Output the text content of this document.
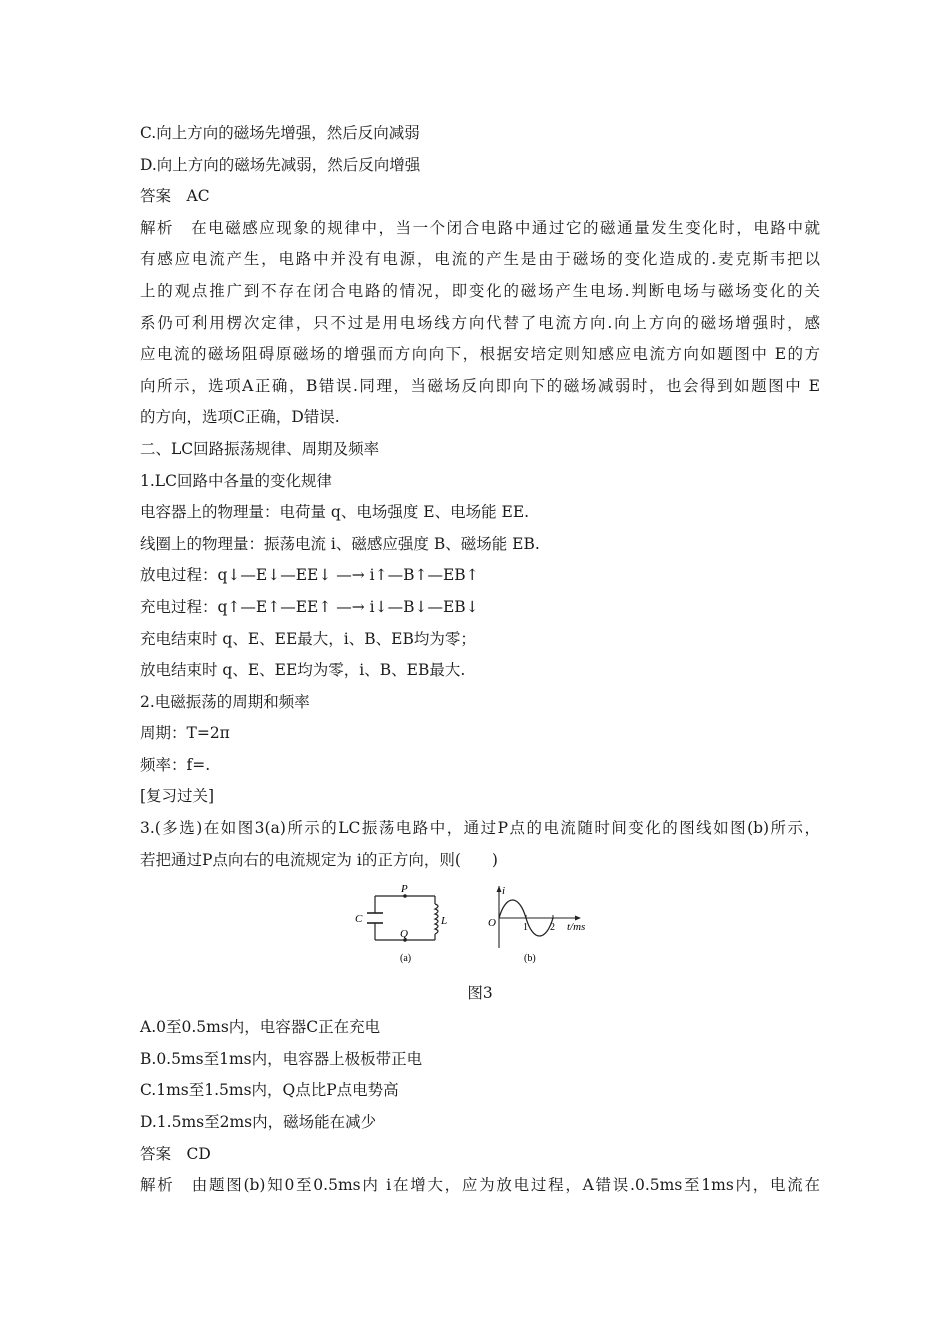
C.向上方向的磁场先增强，然后反向减弱
D.向上方向的磁场先减弱，然后反向增强
答案　AC
解析　在电磁感应现象的规律中，当一个闭合电路中通过它的磁通量发生变化时，电路中就
有感应电流产生，电路中并没有电源，电流的产生是由于磁场的变化造成的.麦克斯韦把以
上的观点推广到不存在闭合电路的情况，即变化的磁场产生电场.判断电场与磁场变化的关
系仍可利用楞次定律，只不过是用电场线方向代替了电流方向.向上方向的磁场增强时，感
应电流的磁场阻碍原磁场的增强而方向向下，根据安培定则知感应电流方向如题图中 E的方
向所示，选项A正确，B错误.同理，当磁场反向即向下的磁场减弱时，也会得到如题图中 E
的方向，选项C正确，D错误.
二、LC回路振荡规律、周期及频率
1.LC回路中各量的变化规律
电容器上的物理量：电荷量 q、电场强度 E、电场能 EE.
线圈上的物理量：振荡电流 i、磁感应强度 B、磁场能 EB.
放电过程：q↓—E↓—EE↓ —→ i↑—B↑—EB↑
充电过程：q↑—E↑—EE↑ —→ i↓—B↓—EB↓
充电结束时 q、E、EE最大，i、B、EB均为零；
放电结束时 q、E、EE均为零，i、B、EB最大.
2.电磁振荡的周期和频率
周期：T=2π
频率：f=.
[复习过关]
3.(多选)在如图3(a)所示的LC振荡电路中，通过P点的电流随时间变化的图线如图(b)所示，
若把通过P点向右的电流规定为 i的正方向，则(　　)
C
P
Q
L
(a)
i
O	1 2 t/ms
(b)
图3
A.0至0.5ms内，电容器C正在充电
B.0.5ms至1ms内，电容器上极板带正电
C.1ms至1.5ms内，Q点比P点电势高
D.1.5ms至2ms内，磁场能在减少
答案　CD
解析　由题图(b)知0至0.5ms内 i在增大，应为放电过程，A错误.0.5ms至1ms内，电流在
